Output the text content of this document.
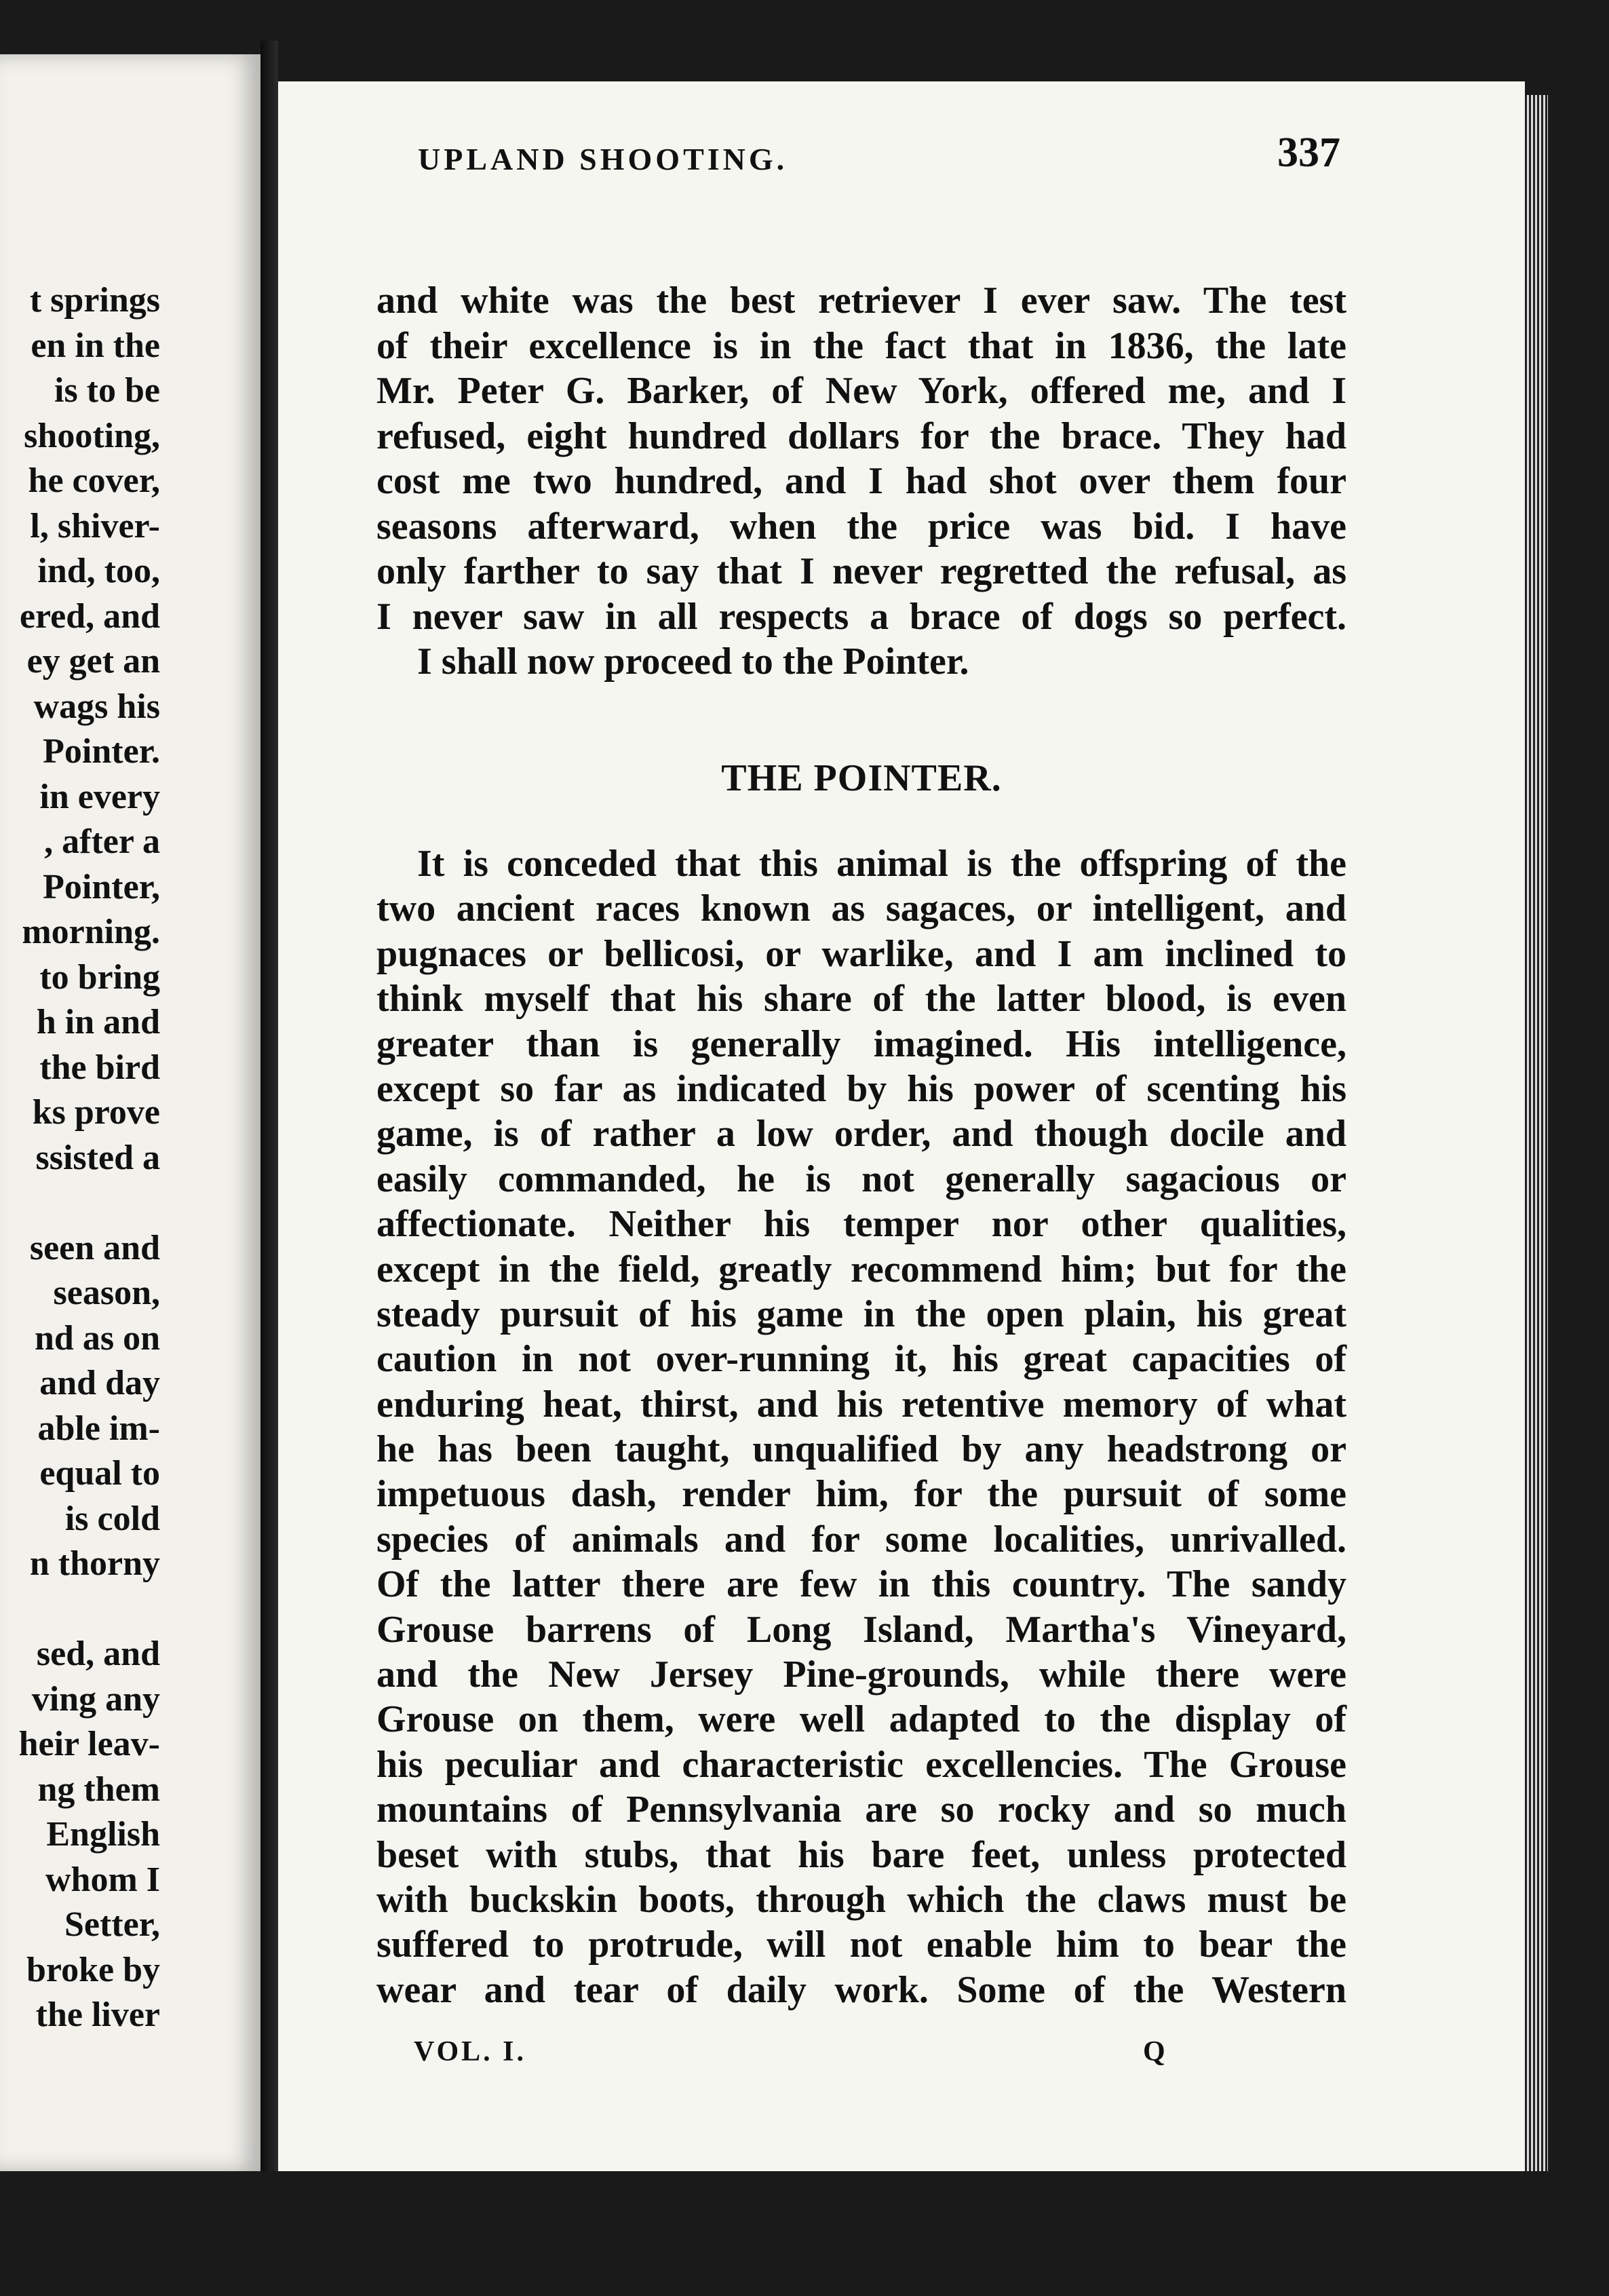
t springs
en in the
is to be
shooting,
he cover,
l, shiver-
ind, too,
ered, and
ey get an
wags his
Pointer.
in every
, after a
Pointer,
morning.
to bring
h in and
the bird
ks prove
ssisted a
seen and
season,
nd as on
and day
able im-
equal to
is cold
n thorny
sed, and
ving any
heir leav-
ng them
English
whom I
Setter,
broke by
the liver
UPLAND SHOOTING.	337
and white was the best retriever I ever saw. The test
of their excellence is in the fact that in 1836, the late
Mr. Peter G. Barker, of New York, offered me, and I
refused, eight hundred dollars for the brace. They had
cost me two hundred, and I had shot over them four
seasons afterward, when the price was bid. I have
only farther to say that I never regretted the refusal, as
I never saw in all respects a brace of dogs so perfect.
I shall now proceed to the Pointer.
THE POINTER.
It is conceded that this animal is the offspring of the
two ancient races known as sagaces, or intelligent, and
pugnaces or bellicosi, or warlike, and I am inclined to
think myself that his share of the latter blood, is even
greater than is generally imagined. His intelligence,
except so far as indicated by his power of scenting his
game, is of rather a low order, and though docile and
easily commanded, he is not generally sagacious or
affectionate. Neither his temper nor other qualities,
except in the field, greatly recommend him; but for the
steady pursuit of his game in the open plain, his great
caution in not over-running it, his great capacities of
enduring heat, thirst, and his retentive memory of what
he has been taught, unqualified by any headstrong or
impetuous dash, render him, for the pursuit of some
species of animals and for some localities, unrivalled.
Of the latter there are few in this country. The sandy
Grouse barrens of Long Island, Martha's Vineyard,
and the New Jersey Pine-grounds, while there were
Grouse on them, were well adapted to the display of
his peculiar and characteristic excellencies. The Grouse
mountains of Pennsylvania are so rocky and so much
beset with stubs, that his bare feet, unless protected
with buckskin boots, through which the claws must be
suffered to protrude, will not enable him to bear the
wear and tear of daily work. Some of the Western
VOL. I.	Q
